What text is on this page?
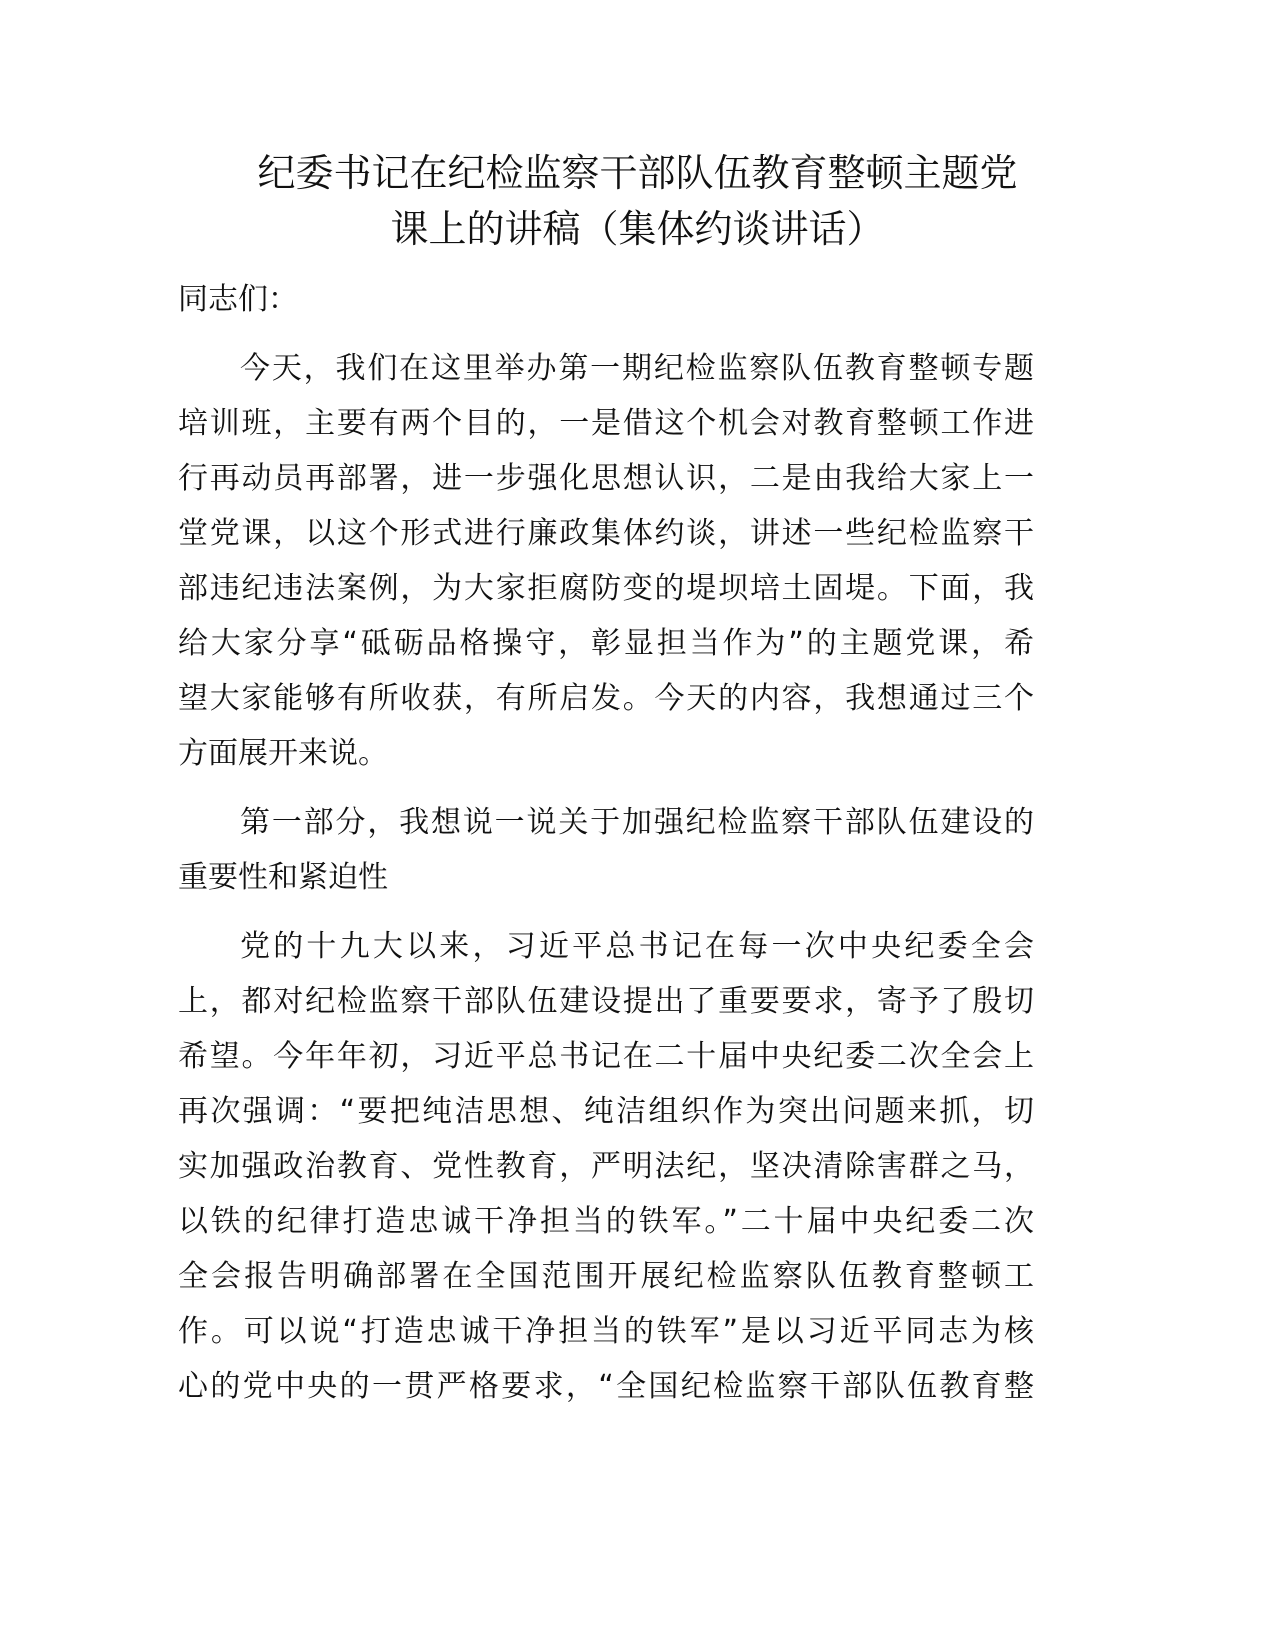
纪委书记在纪检监察干部队伍教育整顿主题党
课上的讲稿（集体约谈讲话）
同志们：
今天，我们在这里举办第一期纪检监察队伍教育整顿专题
培训班，主要有两个目的，一是借这个机会对教育整顿工作进
行再动员再部署，进一步强化思想认识，二是由我给大家上一
堂党课，以这个形式进行廉政集体约谈，讲述一些纪检监察干
部违纪违法案例，为大家拒腐防变的堤坝培土固堤。下面，我
给大家分享“砥砺品格操守，彰显担当作为”的主题党课，希
望大家能够有所收获，有所启发。今天的内容，我想通过三个
方面展开来说。
第一部分，我想说一说关于加强纪检监察干部队伍建设的
重要性和紧迫性
党的十九大以来，习近平总书记在每一次中央纪委全会
上，都对纪检监察干部队伍建设提出了重要要求，寄予了殷切
希望。今年年初，习近平总书记在二十届中央纪委二次全会上
再次强调：“要把纯洁思想、纯洁组织作为突出问题来抓，切
实加强政治教育、党性教育，严明法纪，坚决清除害群之马，
以铁的纪律打造忠诚干净担当的铁军。”二十届中央纪委二次
全会报告明确部署在全国范围开展纪检监察队伍教育整顿工
作。可以说“打造忠诚干净担当的铁军”是以习近平同志为核
心的党中央的一贯严格要求，“全国纪检监察干部队伍教育整
